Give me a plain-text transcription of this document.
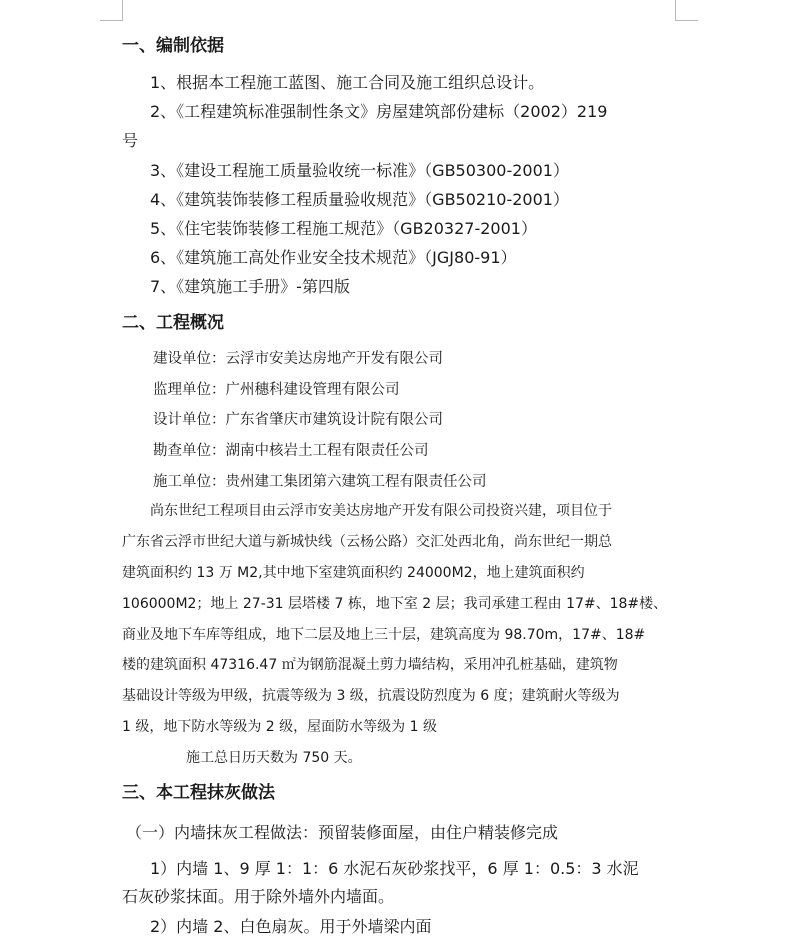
一、编制依据
1、根据本工程施工蓝图、施工合同及施工组织总设计。
2、《工程建筑标准强制性条文》房屋建筑部份建标（2002）219
号
3、《建设工程施工质量验收统一标准》（GB50300-2001）
4、《建筑装饰装修工程质量验收规范》（GB50210-2001）
5、《住宅装饰装修工程施工规范》（GB20327-2001）
6、《建筑施工高处作业安全技术规范》（JGJ80-91）
7、《建筑施工手册》-第四版
二、工程概况
建设单位：云浮市安美达房地产开发有限公司
监理单位：广州穗科建设管理有限公司
设计单位：广东省肇庆市建筑设计院有限公司
勘查单位：湖南中核岩土工程有限责任公司
施工单位：贵州建工集团第六建筑工程有限责任公司
尚东世纪工程项目由云浮市安美达房地产开发有限公司投资兴建，项目位于
广东省云浮市世纪大道与新城快线（云杨公路）交汇处西北角，尚东世纪一期总
建筑面积约 13 万 M2,其中地下室建筑面积约 24000M2，地上建筑面积约
106000M2；地上 27-31 层塔楼 7 栋，地下室 2 层；我司承建工程由 17#、18#楼、
商业及地下车库等组成，地下二层及地上三十层，建筑高度为 98.70m，17#、18#
楼的建筑面积 47316.47 ㎡为钢筋混凝土剪力墙结构，采用冲孔桩基础，建筑物
基础设计等级为甲级，抗震等级为 3 级，抗震设防烈度为 6 度；建筑耐火等级为
1 级，地下防水等级为 2 级，屋面防水等级为 1 级
施工总日历天数为 750 天。
三、本工程抹灰做法
（一）内墙抹灰工程做法：预留装修面屋，由住户精装修完成
1）内墙 1、9 厚 1：1：6 水泥石灰砂浆找平，6 厚 1：0.5：3 水泥
石灰砂浆抹面。用于除外墙外内墙面。
2）内墙 2、白色扇灰。用于外墙梁内面
